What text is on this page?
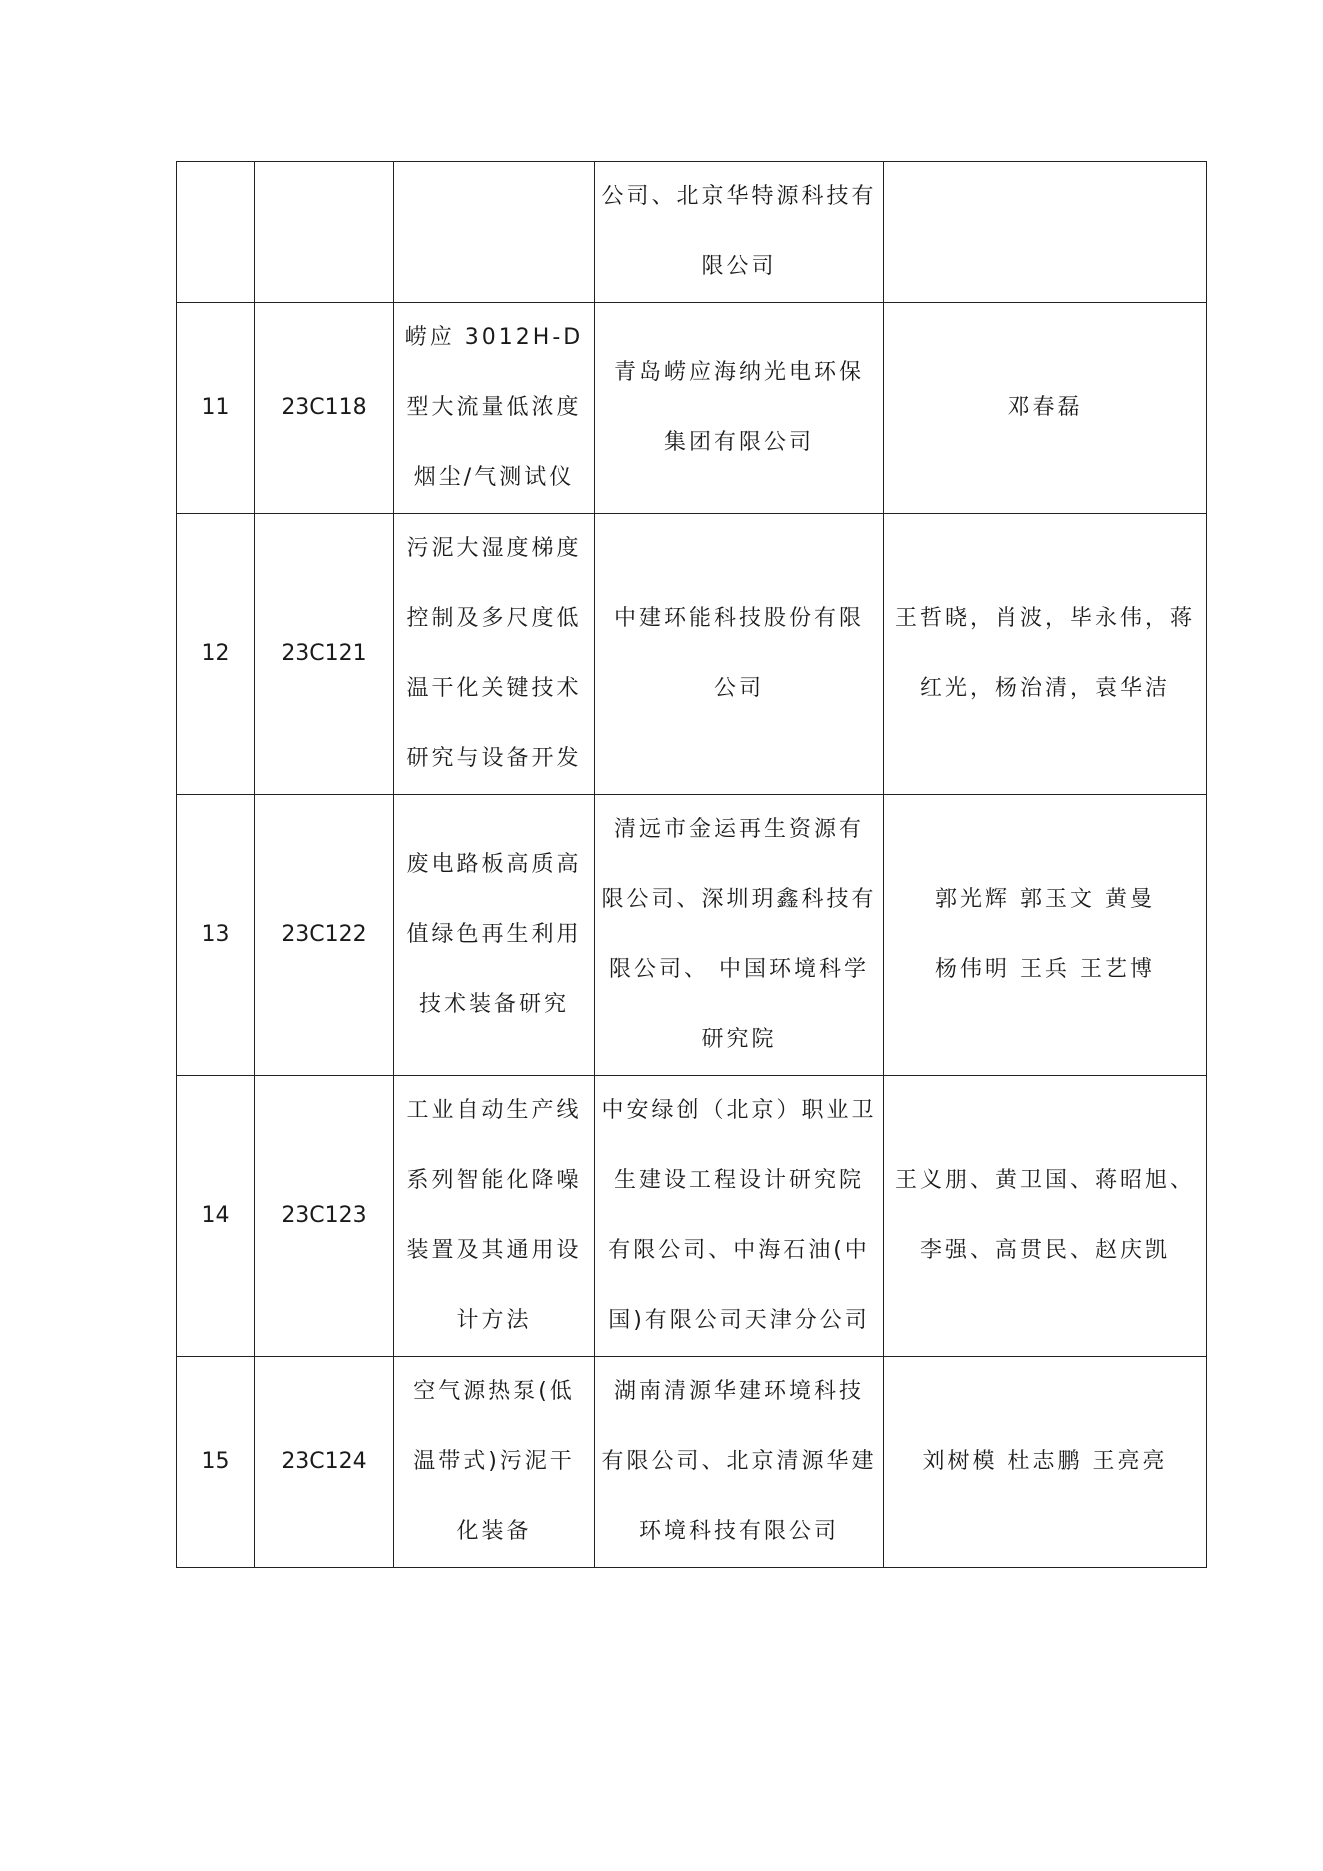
			公司、北京华特源科技有
限公司	

11	23C118	崂应 3012H-D
型大流量低浓度
烟尘/气测试仪	青岛崂应海纳光电环保
集团有限公司	邓春磊

12	23C121	污泥大湿度梯度
控制及多尺度低
温干化关键技术
研究与设备开发	中建环能科技股份有限
公司	王哲晓，肖波，毕永伟，蒋
红光，杨治清，袁华洁

13	23C122	废电路板高质高
值绿色再生利用
技术装备研究	清远市金运再生资源有
限公司、深圳玥鑫科技有
限公司、 中国环境科学
研究院	郭光辉 郭玉文 黄曼
杨伟明 王兵 王艺博

14	23C123	工业自动生产线
系列智能化降噪
装置及其通用设
计方法	中安绿创（北京）职业卫
生建设工程设计研究院
有限公司、中海石油(中
国)有限公司天津分公司	王义朋、黄卫国、蒋昭旭、
李强、高贯民、赵庆凯

15	23C124	空气源热泵(低
温带式)污泥干
化装备	湖南清源华建环境科技
有限公司、北京清源华建
环境科技有限公司	刘树模 杜志鹏 王亮亮
